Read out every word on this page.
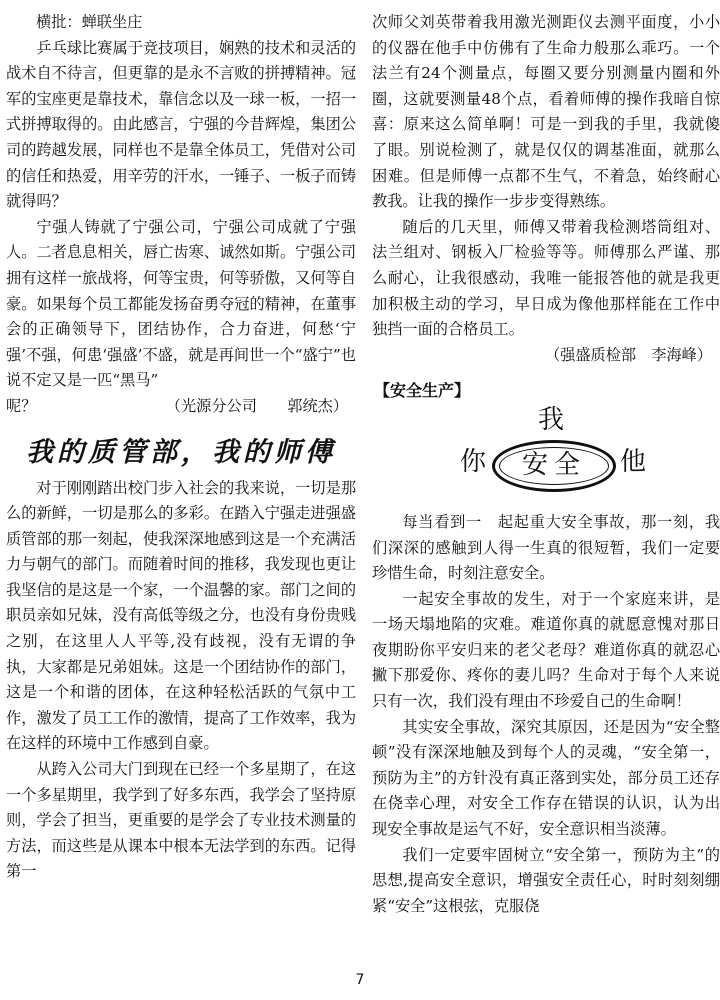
横批：蝉联坐庄

乒乓球比赛属于竞技项目，娴熟的技术和灵活的战术自不待言，但更靠的是永不言败的拼搏精神。冠军的宝座更是靠技术，靠信念以及一球一板，一招一式拼搏取得的。由此感言，宁强的今昔辉煌，集团公司的跨越发展，同样也不是靠全体员工，凭借对公司的信任和热爱，用辛劳的汗水，一锤子、一板子而铸就得吗？

宁强人铸就了宁强公司，宁强公司成就了宁强人。二者息息相关，唇亡齿寒、诚然如斯。宁强公司拥有这样一旅战将，何等宝贵，何等骄傲，又何等自豪。如果每个员工都能发扬奋勇夺冠的精神，在董事会的正确领导下，团结协作，合力奋进，何愁‘宁强’不强，何患‘强盛’不盛，就是再间世一个“盛宁”也说不定又是一匹“黑马”

呢？	（光源分公司　　郭统杰）
我的质管部，我的师傅

对于刚刚踏出校门步入社会的我来说，一切是那么的新鲜，一切是那么的多彩。在踏入宁强走进强盛质管部的那一刻起，使我深深地感到这是一个充满活力与朝气的部门。而随着时间的推移，我发现也更让我坚信的是这是一个家，一个温馨的家。部门之间的职员亲如兄妹，没有高低等级之分，也没有身份贵贱之别，在这里人人平等,没有歧视，没有无谓的争执，大家都是兄弟姐妹。这是一个团结协作的部门，这是一个和谐的团体，在这种轻松活跃的气氛中工作，激发了员工工作的激情，提高了工作效率，我为在这样的环境中工作感到自豪。

从跨入公司大门到现在已经一个多星期了，在这一个多星期里，我学到了好多东西，我学会了坚持原则，学会了担当，更重要的是学会了专业技术测量的方法，而这些是从课本中根本无法学到的东西。记得第一

次师父刘英带着我用激光测距仪去测平面度，小小的仪器在他手中仿佛有了生命力般那么乖巧。一个法兰有24个测量点，每圈又要分别测量内圈和外圈，这就要测量48个点，看着师傅的操作我暗自惊喜：原来这么简单啊！可是一到我的手里，我就傻了眼。别说检测了，就是仅仅的调基准面，就那么困难。但是师傅一点都不生气，不着急，始终耐心教我。让我的操作一步步变得熟练。

随后的几天里，师傅又带着我检测塔筒组对、法兰组对、钢板入厂检验等等。师傅那么严谨、那么耐心，让我很感动，我唯一能报答他的就是我更加积极主动的学习，早日成为像他那样能在工作中独挡一面的合格员工。

（强盛质检部　李海峰）

【安全生产】
我
你	安全	他

每当看到一　起起重大安全事故，那一刻，我们深深的感触到人得一生真的很短暂，我们一定要珍惜生命，时刻注意安全。

一起安全事故的发生，对于一个家庭来讲，是一场天塌地陷的灾难。难道你真的就愿意愧对那日夜期盼你平安归来的老父老母？难道你真的就忍心撇下那爱你、疼你的妻儿吗？生命对于每个人来说只有一次，我们没有理由不珍爱自己的生命啊！

其实安全事故，深究其原因，还是因为“安全整顿”没有深深地触及到每个人的灵魂，“安全第一，预防为主”的方针没有真正落到实处，部分员工还存在侥幸心理，对安全工作存在错误的认识，认为出现安全事故是运气不好，安全意识相当淡薄。

我们一定要牢固树立“安全第一，预防为主”的思想,提高安全意识，增强安全责任心，时时刻刻绷紧“安全”这根弦，克服侥

7
